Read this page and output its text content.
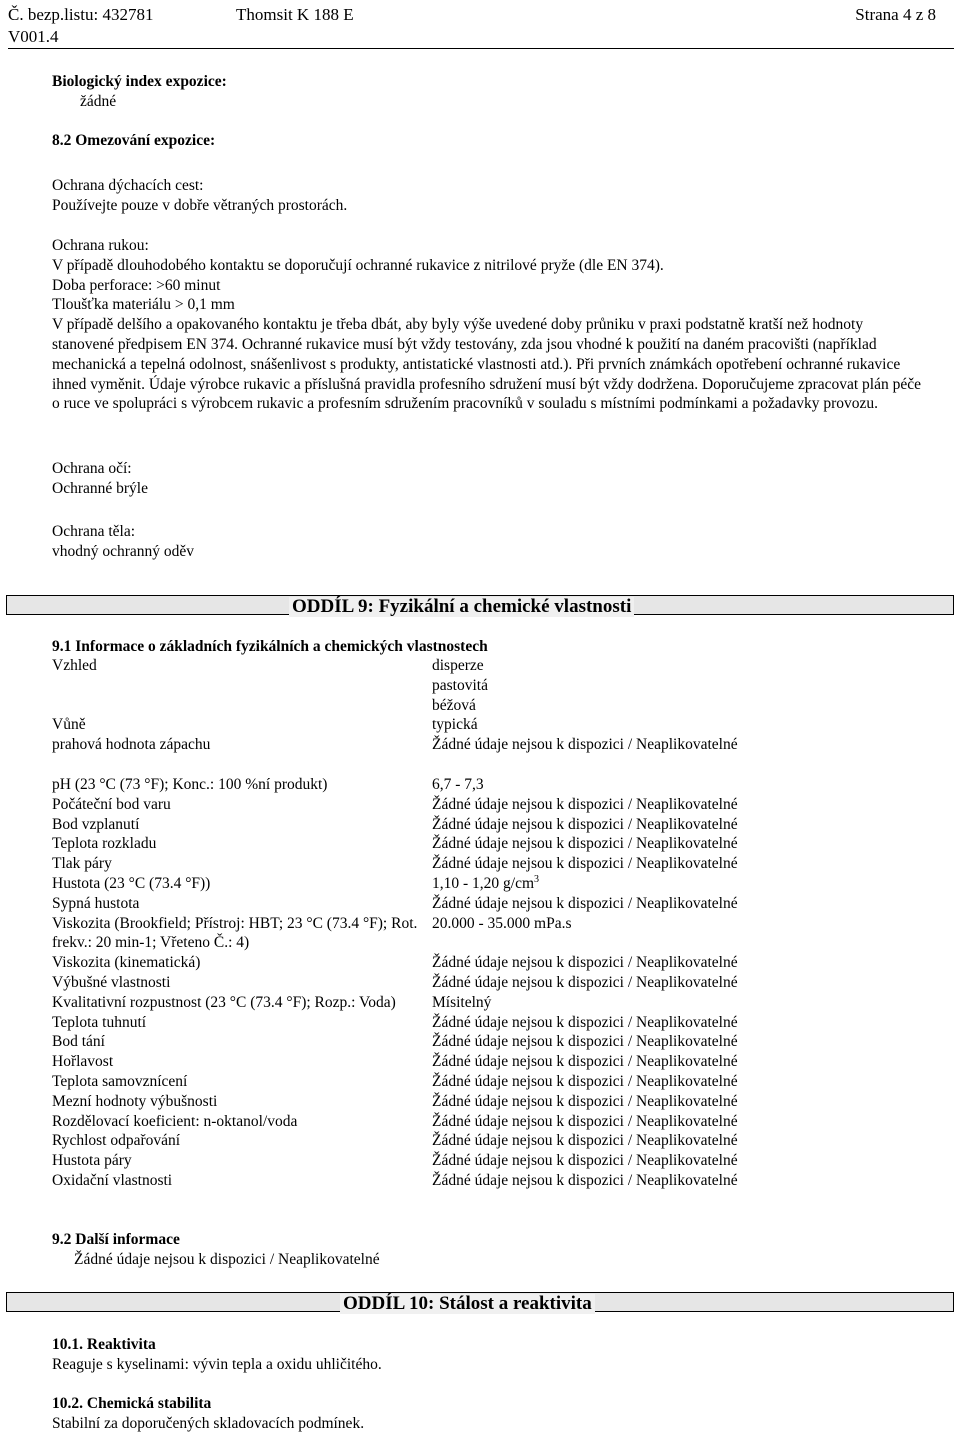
Č. bezp.listu: 432781	Thomsit K 188 E	Strana 4 z 8
V001.4
Biologický index expozice:
žádné
8.2 Omezování expozice:
Ochrana dýchacích cest:
Používejte pouze v dobře větraných prostorách.
Ochrana rukou:
V případě dlouhodobého kontaktu se doporučují ochranné rukavice z nitrilové pryže (dle EN 374).
Doba perforace: >60 minut
Tloušťka materiálu > 0,1 mm
V případě delšího a opakovaného kontaktu je třeba dbát, aby byly výše uvedené doby průniku v praxi podstatně kratší než hodnoty stanovené předpisem EN 374. Ochranné rukavice musí být vždy testovány, zda jsou vhodné k použití na daném pracovišti (například mechanická a tepelná odolnost, snášenlivost s produkty, antistatické vlastnosti atd.). Při prvních známkách opotřebení ochranné rukavice ihned vyměnit. Údaje výrobce rukavic a příslušná pravidla profesního sdružení musí být vždy dodržena. Doporučujeme zpracovat plán péče o ruce ve spolupráci s výrobcem rukavic a profesním sdružením pracovníků v souladu s místními podmínkami a požadavky provozu.
Ochrana očí:
Ochranné brýle
Ochrana těla:
vhodný ochranný oděv
ODDÍL 9: Fyzikální a chemické vlastnosti
9.1 Informace o základních fyzikálních a chemických vlastnostech
Vzhled	disperze
pastovitá
béžová
Vůně	typická
prahová hodnota zápachu	Žádné údaje nejsou k dispozici / Neaplikovatelné
pH (23 °C (73 °F); Konc.: 100 %ní produkt)	6,7 - 7,3
Počáteční bod varu	Žádné údaje nejsou k dispozici / Neaplikovatelné
Bod vzplanutí	Žádné údaje nejsou k dispozici / Neaplikovatelné
Teplota rozkladu	Žádné údaje nejsou k dispozici / Neaplikovatelné
Tlak páry	Žádné údaje nejsou k dispozici / Neaplikovatelné
Hustota (23 °C (73.4 °F))	1,10 - 1,20 $g/cm^3$
Sypná hustota	Žádné údaje nejsou k dispozici / Neaplikovatelné
Viskozita (Brookfield; Přístroj: HBT; 23 °C (73.4 °F); Rot. frekv.: 20 min-1; Vřeteno Č.: 4)
20.000 - 35.000 mPa.s
Viskozita (kinematická)	Žádné údaje nejsou k dispozici / Neaplikovatelné
Výbušné vlastnosti	Žádné údaje nejsou k dispozici / Neaplikovatelné
Kvalitativní rozpustnost (23 °C (73.4 °F); Rozp.: Voda)	Mísitelný
Teplota tuhnutí	Žádné údaje nejsou k dispozici / Neaplikovatelné
Bod tání	Žádné údaje nejsou k dispozici / Neaplikovatelné
Hořlavost	Žádné údaje nejsou k dispozici / Neaplikovatelné
Teplota samovznícení	Žádné údaje nejsou k dispozici / Neaplikovatelné
Mezní hodnoty výbušnosti	Žádné údaje nejsou k dispozici / Neaplikovatelné
Rozdělovací koeficient: n-oktanol/voda	Žádné údaje nejsou k dispozici / Neaplikovatelné
Rychlost odpařování	Žádné údaje nejsou k dispozici / Neaplikovatelné
Hustota páry	Žádné údaje nejsou k dispozici / Neaplikovatelné
Oxidační vlastnosti	Žádné údaje nejsou k dispozici / Neaplikovatelné
9.2 Další informace
Žádné údaje nejsou k dispozici / Neaplikovatelné
ODDÍL 10: Stálost a reaktivita
10.1. Reaktivita
Reaguje s kyselinami: vývin tepla a oxidu uhličitého.
10.2. Chemická stabilita
Stabilní za doporučených skladovacích podmínek.
